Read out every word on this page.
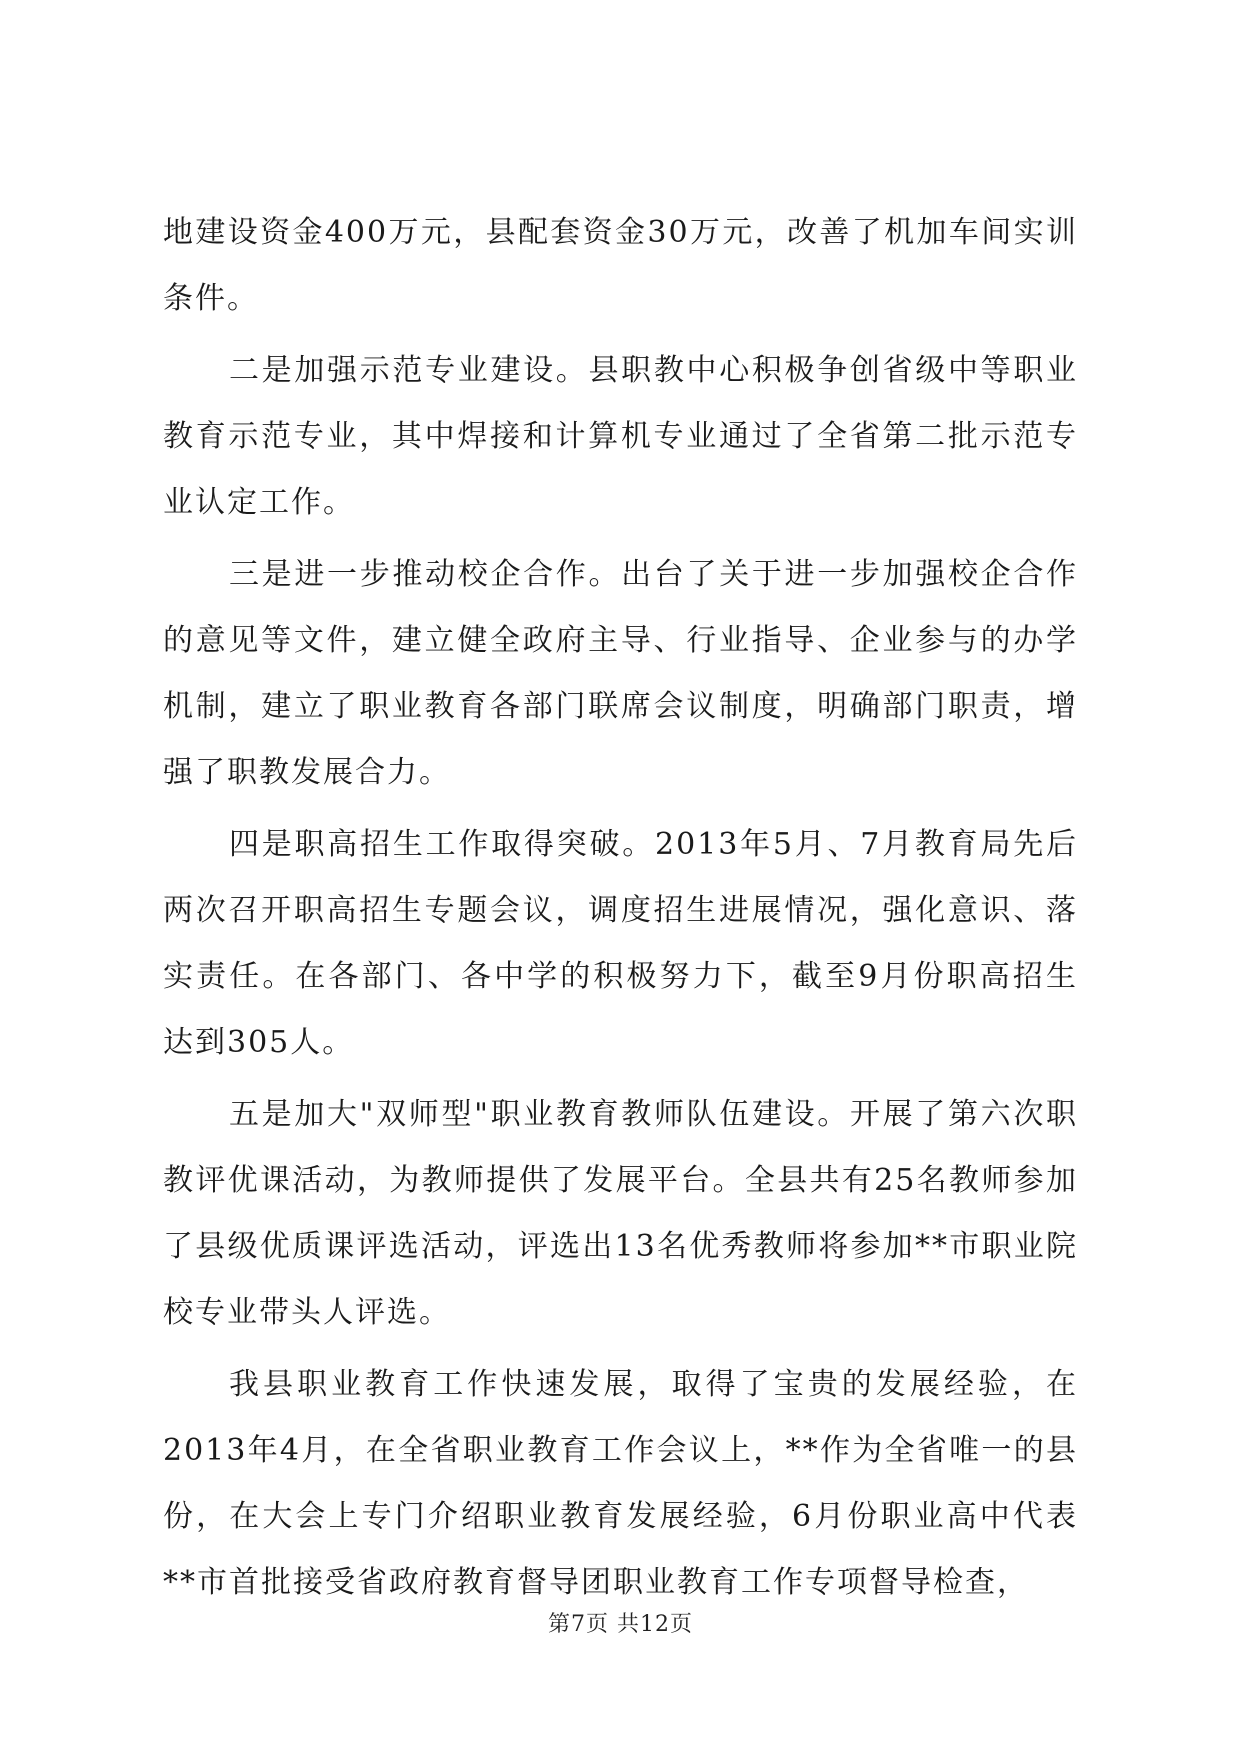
地建设资金400万元，县配套资金30万元，改善了机加车间实训条件。

二是加强示范专业建设。县职教中心积极争创省级中等职业教育示范专业，其中焊接和计算机专业通过了全省第二批示范专业认定工作。

三是进一步推动校企合作。出台了关于进一步加强校企合作的意见等文件，建立健全政府主导、行业指导、企业参与的办学机制，建立了职业教育各部门联席会议制度，明确部门职责，增强了职教发展合力。

四是职高招生工作取得突破。2013年5月、7月教育局先后两次召开职高招生专题会议，调度招生进展情况，强化意识、落实责任。在各部门、各中学的积极努力下，截至9月份职高招生达到305人。

五是加大"双师型"职业教育教师队伍建设。开展了第六次职教评优课活动，为教师提供了发展平台。全县共有25名教师参加了县级优质课评选活动，评选出13名优秀教师将参加**市职业院校专业带头人评选。

我县职业教育工作快速发展，取得了宝贵的发展经验，在2013年4月，在全省职业教育工作会议上，**作为全省唯一的县份，在大会上专门介绍职业教育发展经验，6月份职业高中代表**市首批接受省政府教育督导团职业教育工作专项督导检查，

第7页 共12页
